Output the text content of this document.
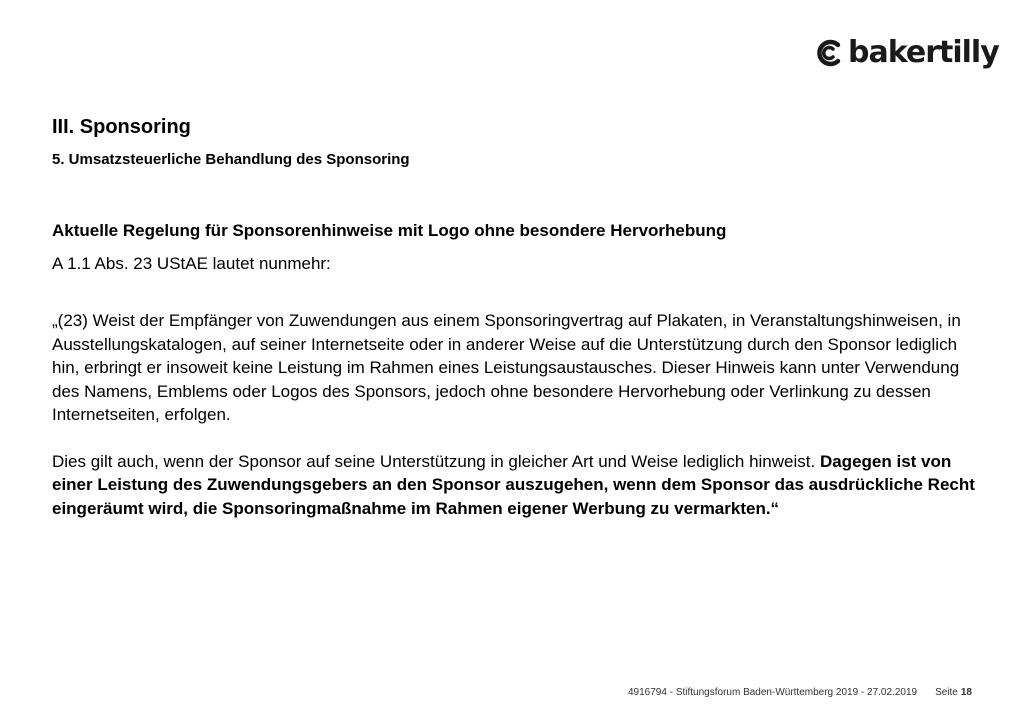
bakertilly
III. Sponsoring
5. Umsatzsteuerliche Behandlung des Sponsoring
Aktuelle Regelung für Sponsorenhinweise mit Logo ohne besondere Hervorhebung

A 1.1 Abs. 23 UStAE lautet nunmehr:

„(23) Weist der Empfänger von Zuwendungen aus einem Sponsoringvertrag auf Plakaten, in Veranstaltungshinweisen, in Ausstellungskatalogen, auf seiner Internetseite oder in anderer Weise auf die Unterstützung durch den Sponsor lediglich hin, erbringt er insoweit keine Leistung im Rahmen eines Leistungsaustausches. Dieser Hinweis kann unter Verwendung des Namens, Emblems oder Logos des Sponsors, jedoch ohne besondere Hervorhebung oder Verlinkung zu dessen Internetseiten, erfolgen.

Dies gilt auch, wenn der Sponsor auf seine Unterstützung in gleicher Art und Weise lediglich hinweist. Dagegen ist von einer Leistung des Zuwendungsgebers an den Sponsor auszugehen, wenn dem Sponsor das ausdrückliche Recht eingeräumt wird, die Sponsoringmaßnahme im Rahmen eigener Werbung zu vermarkten.“

4916794 - Stiftungsforum Baden-Württemberg 2019 - 27.02.2019 Seite 18
